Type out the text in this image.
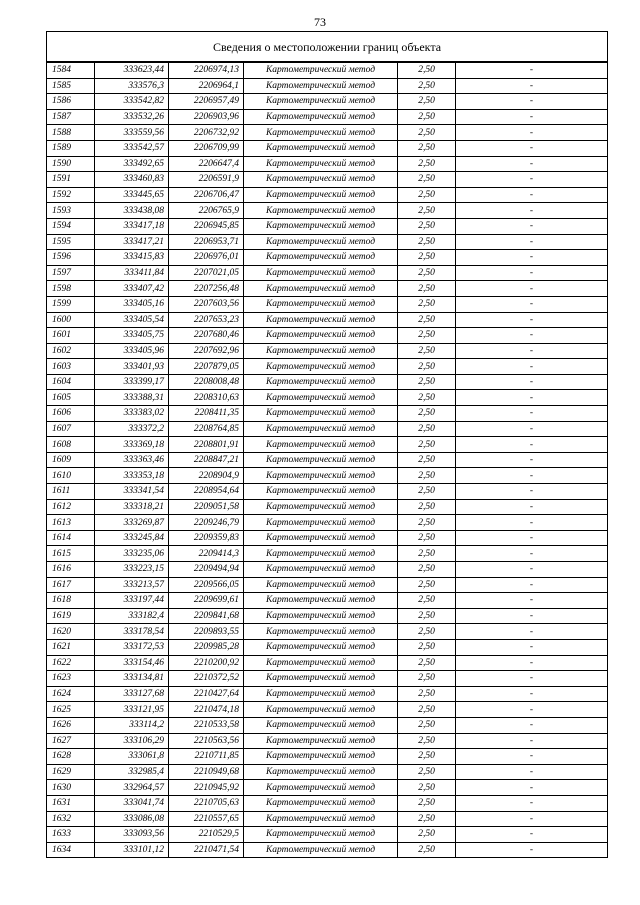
73
Сведения о местоположении границ объекта					
1584	333623,44	2206974,13	Картометрический метод	2,50	-
1585	333576,3	2206964,1	Картометрический метод	2,50	-
1586	333542,82	2206957,49	Картометрический метод	2,50	-
1587	333532,26	2206903,96	Картометрический метод	2,50	-
1588	333559,56	2206732,92	Картометрический метод	2,50	-
1589	333542,57	2206709,99	Картометрический метод	2,50	-
1590	333492,65	2206647,4	Картометрический метод	2,50	-
1591	333460,83	2206591,9	Картометрический метод	2,50	-
1592	333445,65	2206706,47	Картометрический метод	2,50	-
1593	333438,08	2206765,9	Картометрический метод	2,50	-
1594	333417,18	2206945,85	Картометрический метод	2,50	-
1595	333417,21	2206953,71	Картометрический метод	2,50	-
1596	333415,83	2206976,01	Картометрический метод	2,50	-
1597	333411,84	2207021,05	Картометрический метод	2,50	-
1598	333407,42	2207256,48	Картометрический метод	2,50	-
1599	333405,16	2207603,56	Картометрический метод	2,50	-
1600	333405,54	2207653,23	Картометрический метод	2,50	-
1601	333405,75	2207680,46	Картометрический метод	2,50	-
1602	333405,96	2207692,96	Картометрический метод	2,50	-
1603	333401,93	2207879,05	Картометрический метод	2,50	-
1604	333399,17	2208008,48	Картометрический метод	2,50	-
1605	333388,31	2208310,63	Картометрический метод	2,50	-
1606	333383,02	2208411,35	Картометрический метод	2,50	-
1607	333372,2	2208764,85	Картометрический метод	2,50	-
1608	333369,18	2208801,91	Картометрический метод	2,50	-
1609	333363,46	2208847,21	Картометрический метод	2,50	-
1610	333353,18	2208904,9	Картометрический метод	2,50	-
1611	333341,54	2208954,64	Картометрический метод	2,50	-
1612	333318,21	2209051,58	Картометрический метод	2,50	-
1613	333269,87	2209246,79	Картометрический метод	2,50	-
1614	333245,84	2209359,83	Картометрический метод	2,50	-
1615	333235,06	2209414,3	Картометрический метод	2,50	-
1616	333223,15	2209494,94	Картометрический метод	2,50	-
1617	333213,57	2209566,05	Картометрический метод	2,50	-
1618	333197,44	2209699,61	Картометрический метод	2,50	-
1619	333182,4	2209841,68	Картометрический метод	2,50	-
1620	333178,54	2209893,55	Картометрический метод	2,50	-
1621	333172,53	2209985,28	Картометрический метод	2,50	-
1622	333154,46	2210200,92	Картометрический метод	2,50	-
1623	333134,81	2210372,52	Картометрический метод	2,50	-
1624	333127,68	2210427,64	Картометрический метод	2,50	-
1625	333121,95	2210474,18	Картометрический метод	2,50	-
1626	333114,2	2210533,58	Картометрический метод	2,50	-
1627	333106,29	2210563,56	Картометрический метод	2,50	-
1628	333061,8	2210711,85	Картометрический метод	2,50	-
1629	332985,4	2210949,68	Картометрический метод	2,50	-
1630	332964,57	2210945,92	Картометрический метод	2,50	-
1631	333041,74	2210705,63	Картометрический метод	2,50	-
1632	333086,08	2210557,65	Картометрический метод	2,50	-
1633	333093,56	2210529,5	Картометрический метод	2,50	-
1634	333101,12	2210471,54	Картометрический метод	2,50	-
